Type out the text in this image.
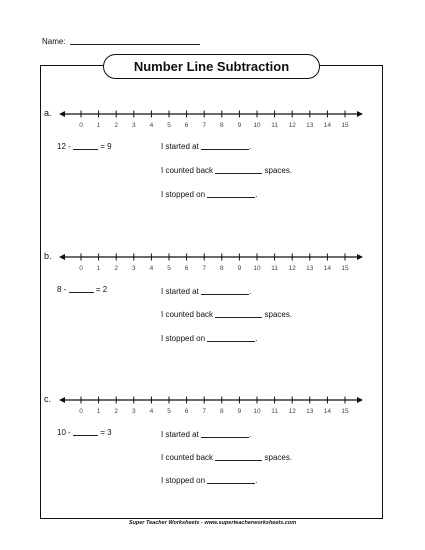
Name:
Number Line Subtraction
a.
0 1 2 3 4 5 6 7 8 9 10 11 12 13 14 15
12 -	= 9	I started at	.
I counted back	spaces.
I stopped on	.
b.
0 1 2 3 4 5 6 7 8 9 10 11 12 13 14 15
8 -	= 2	I started at	.
I counted back	spaces.
I stopped on	.
c.
0 1 2 3 4 5 6 7 8 9 10 11 12 13 14 15
10 -	= 3	I started at	.
I counted back	spaces.
I stopped on	.
Super Teacher Worksheets - www.superteacherworksheets.com
